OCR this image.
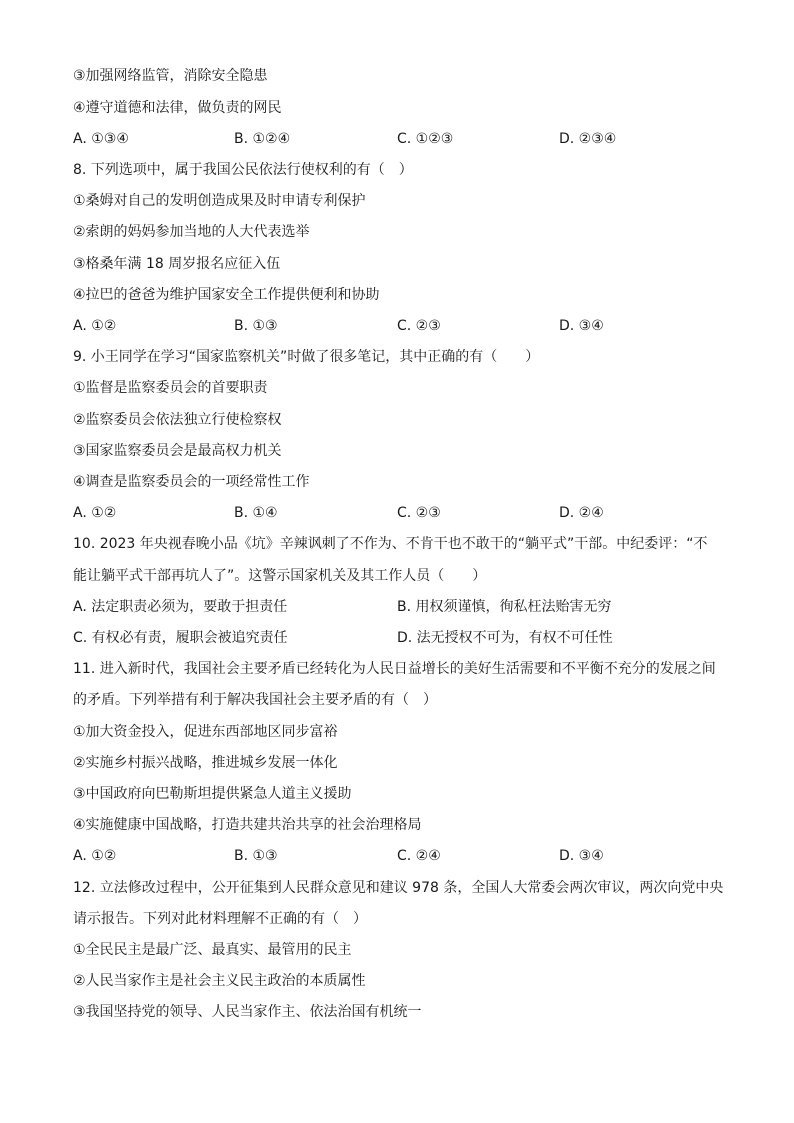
③加强网络监管，消除安全隐患
④遵守道德和法律，做负责的网民
A. ①③④	B. ①②④	C. ①②③	D. ②③④
8. 下列选项中，属于我国公民依法行使权利的有（　）
①桑姆对自己的发明创造成果及时申请专利保护
②索朗的妈妈参加当地的人大代表选举
③格桑年满 18 周岁报名应征入伍
④拉巴的爸爸为维护国家安全工作提供便利和协助
A. ①②	B. ①③	C. ②③	D. ③④
9. 小王同学在学习“国家监察机关”时做了很多笔记，其中正确的有（　　）
①监督是监察委员会的首要职责
②监察委员会依法独立行使检察权
③国家监察委员会是最高权力机关
④调查是监察委员会的一项经常性工作
A. ①②	B. ①④	C. ②③	D. ②④
10. 2023 年央视春晚小品《坑》辛辣讽刺了不作为、不肯干也不敢干的“躺平式”干部。中纪委评：“不
能让躺平式干部再坑人了”。这警示国家机关及其工作人员（　　）
A. 法定职责必须为，要敢于担责任	B. 用权须谨慎，徇私枉法贻害无穷
C. 有权必有责，履职会被追究责任	D. 法无授权不可为，有权不可任性
11. 进入新时代，我国社会主要矛盾已经转化为人民日益增长的美好生活需要和不平衡不充分的发展之间
的矛盾。下列举措有利于解决我国社会主要矛盾的有（　）
①加大资金投入，促进东西部地区同步富裕
②实施乡村振兴战略，推进城乡发展一体化
③中国政府向巴勒斯坦提供紧急人道主义援助
④实施健康中国战略，打造共建共治共享的社会治理格局
A. ①②	B. ①③	C. ②④	D. ③④
12. 立法修改过程中，公开征集到人民群众意见和建议 978 条，全国人大常委会两次审议，两次向党中央
请示报告。下列对此材料理解不正确的有（　）
①全民民主是最广泛、最真实、最管用的民主
②人民当家作主是社会主义民主政治的本质属性
③我国坚持党的领导、人民当家作主、依法治国有机统一
